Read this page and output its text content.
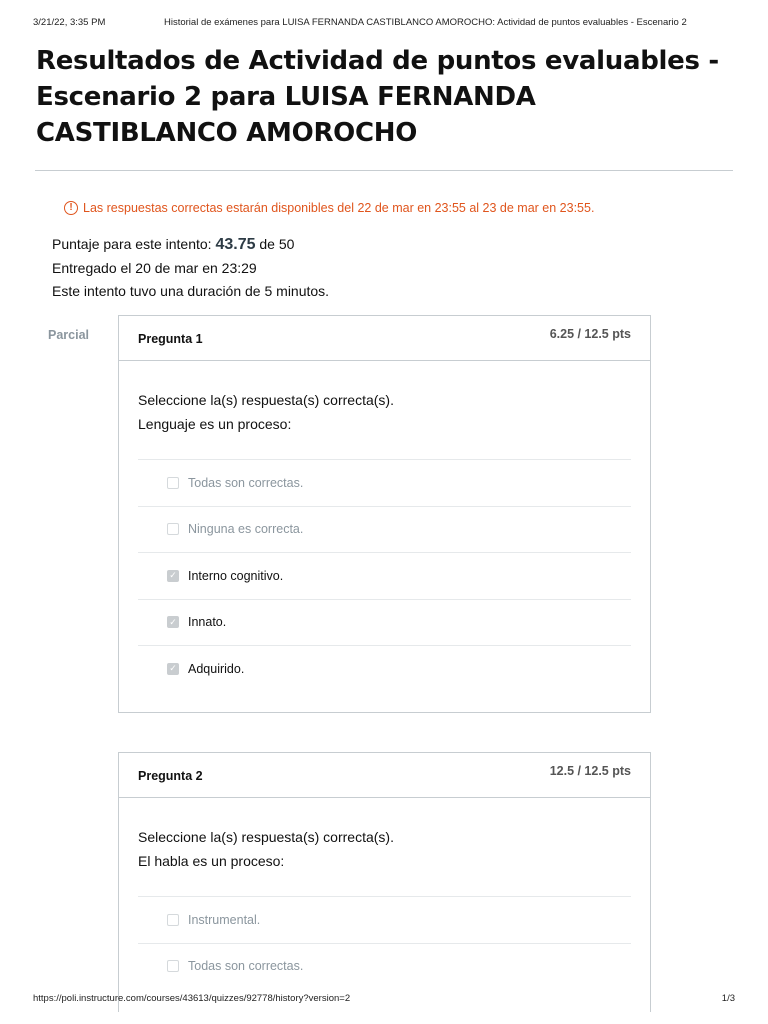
3/21/22, 3:35 PM	Historial de exámenes para LUISA FERNANDA CASTIBLANCO AMOROCHO: Actividad de puntos evaluables - Escenario 2
Resultados de Actividad de puntos evaluables - Escenario 2 para LUISA FERNANDA CASTIBLANCO AMOROCHO
! Las respuestas correctas estarán disponibles del 22 de mar en 23:55 al 23 de mar en 23:55.
Puntaje para este intento: 43.75 de 50
Entregado el 20 de mar en 23:29
Este intento tuvo una duración de 5 minutos.
Parcial	Pregunta 1	6.25 / 12.5 pts
Seleccione la(s) respuesta(s) correcta(s).
Lenguaje es un proceso:
Todas son correctas.
Ninguna es correcta.
✓ Interno cognitivo.
✓ Innato.
✓ Adquirido.
Pregunta 2	12.5 / 12.5 pts
Seleccione la(s) respuesta(s) correcta(s).
El habla es un proceso:
Instrumental.
Todas son correctas.
https://poli.instructure.com/courses/43613/quizzes/92778/history?version=2	1/3
